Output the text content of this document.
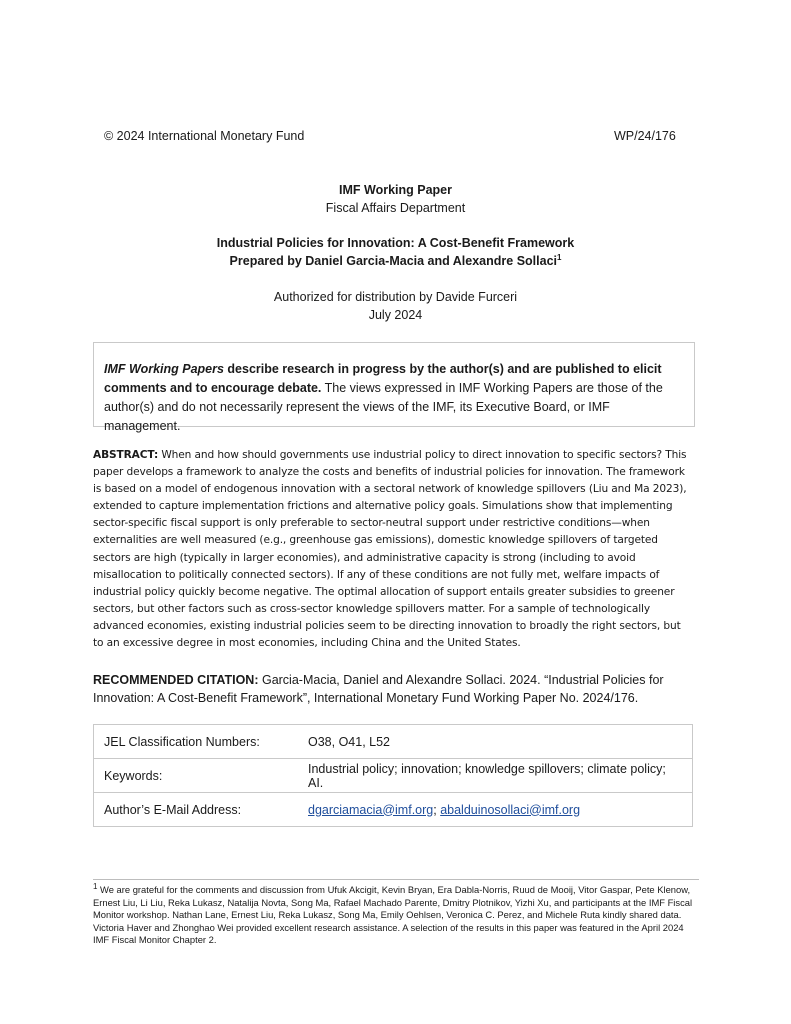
© 2024 International Monetary Fund	WP/24/176
IMF Working Paper
Fiscal Affairs Department
Industrial Policies for Innovation: A Cost-Benefit Framework
Prepared by Daniel Garcia-Macia and Alexandre Sollaci$^1$
Authorized for distribution by Davide Furceri
July 2024
IMF Working Papers describe research in progress by the author(s) and are published to elicit comments and to encourage debate. The views expressed in IMF Working Papers are those of the author(s) and do not necessarily represent the views of the IMF, its Executive Board, or IMF management.
ABSTRACT: When and how should governments use industrial policy to direct innovation to specific sectors? This paper develops a framework to analyze the costs and benefits of industrial policies for innovation. The framework is based on a model of endogenous innovation with a sectoral network of knowledge spillovers (Liu and Ma 2023), extended to capture implementation frictions and alternative policy goals. Simulations show that implementing sector-specific fiscal support is only preferable to sector-neutral support under restrictive conditions—when externalities are well measured (e.g., greenhouse gas emissions), domestic knowledge spillovers of targeted sectors are high (typically in larger economies), and administrative capacity is strong (including to avoid misallocation to politically connected sectors). If any of these conditions are not fully met, welfare impacts of industrial policy quickly become negative. The optimal allocation of support entails greater subsidies to greener sectors, but other factors such as cross-sector knowledge spillovers matter. For a sample of technologically advanced economies, existing industrial policies seem to be directing innovation to broadly the right sectors, but to an excessive degree in most economies, including China and the United States.
RECOMMENDED CITATION: Garcia-Macia, Daniel and Alexandre Sollaci. 2024. “Industrial Policies for Innovation: A Cost-Benefit Framework”, International Monetary Fund Working Paper No. 2024/176.
JEL Classification Numbers:	O38, O41, L52
Keywords:	Industrial policy; innovation; knowledge spillovers; climate policy; AI.
Author’s E-Mail Address:	dgarciamacia@imf.org; abalduinosollaci@imf.org
$^1$ We are grateful for the comments and discussion from Ufuk Akcigit, Kevin Bryan, Era Dabla-Norris, Ruud de Mooij, Vitor Gaspar, Pete Klenow, Ernest Liu, Li Liu, Reka Lukasz, Natalija Novta, Song Ma, Rafael Machado Parente, Dmitry Plotnikov, Yizhi Xu, and participants at the IMF Fiscal Monitor workshop. Nathan Lane, Ernest Liu, Reka Lukasz, Song Ma, Emily Oehlsen, Veronica C. Perez, and Michele Ruta kindly shared data. Victoria Haver and Zhonghao Wei provided excellent research assistance. A selection of the results in this paper was featured in the April 2024 IMF Fiscal Monitor Chapter 2.
